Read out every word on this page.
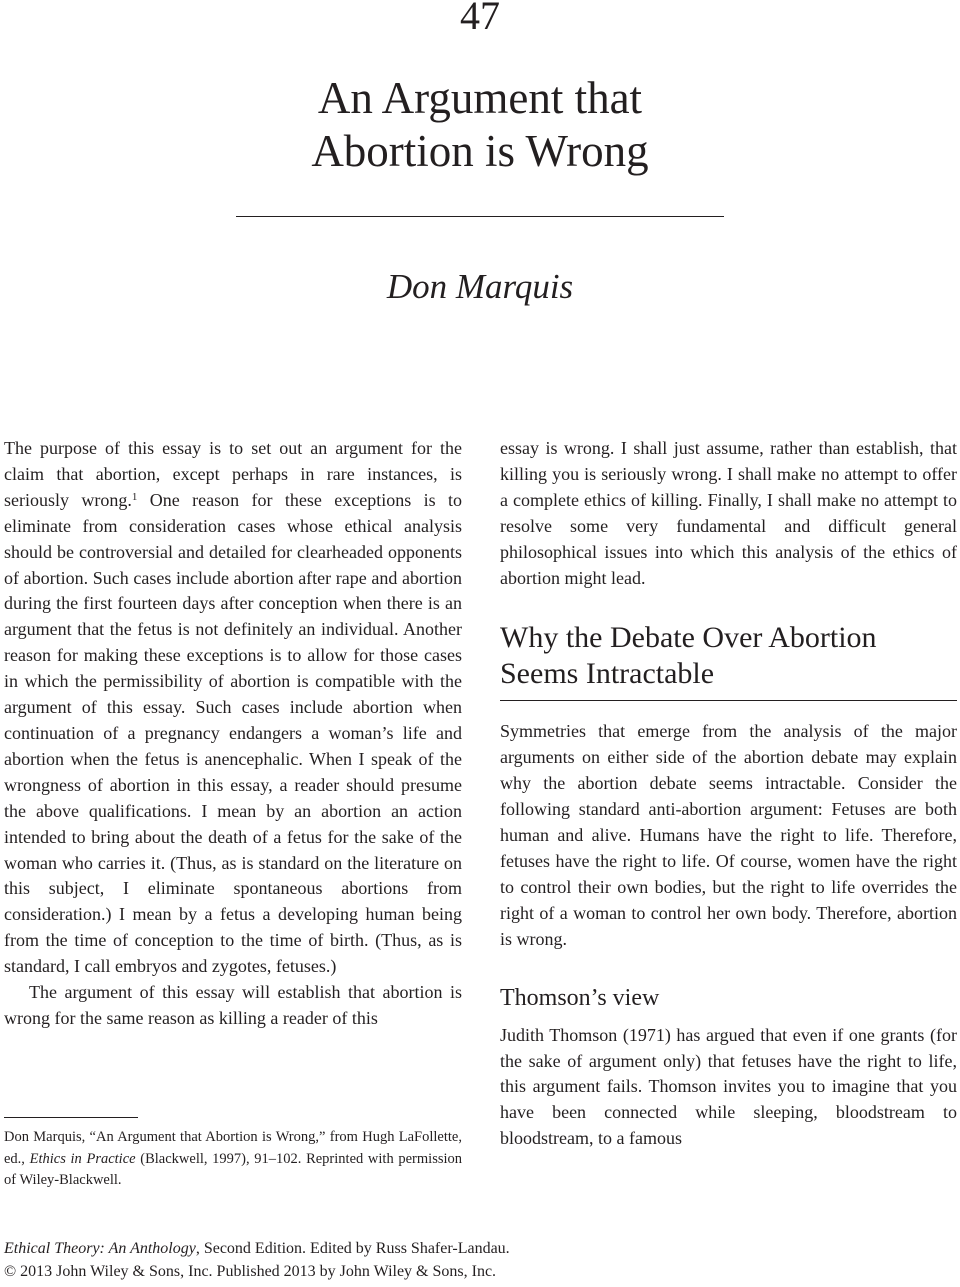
47
An Argument that
Abortion is Wrong
Don Marquis

The purpose of this essay is to set out an argument for the claim that abortion, except perhaps in rare instances, is seriously wrong.$^1$ One reason for these exceptions is to eliminate from consideration cases whose ethical analysis should be controversial and detailed for clearheaded opponents of abortion. Such cases include abortion after rape and abortion during the first fourteen days after conception when there is an argument that the fetus is not definitely an individual. Another reason for making these exceptions is to allow for those cases in which the permissibility of abortion is compatible with the argument of this essay. Such cases include abortion when continuation of a pregnancy endangers a woman’s life and abortion when the fetus is anencephalic. When I speak of the wrongness of abortion in this essay, a reader should presume the above qualifications. I mean by an abortion an action intended to bring about the death of a fetus for the sake of the woman who carries it. (Thus, as is standard on the literature on this subject, I eliminate spontaneous abortions from consideration.) I mean by a fetus a developing human being from the time of conception to the time of birth. (Thus, as is standard, I call embryos and zygotes, fetuses.)

The argument of this essay will establish that abortion is wrong for the same reason as killing a reader of this

Don Marquis, “An Argument that Abortion is Wrong,” from Hugh LaFollette, ed., Ethics in Practice (Blackwell, 1997), 91–102. Reprinted with permission of Wiley-Blackwell.

essay is wrong. I shall just assume, rather than establish, that killing you is seriously wrong. I shall make no attempt to offer a complete ethics of killing. Finally, I shall make no attempt to resolve some very fundamental and difficult general philosophical issues into which this analysis of the ethics of abortion might lead.

Why the Debate Over Abortion Seems Intractable

Symmetries that emerge from the analysis of the major arguments on either side of the abortion debate may explain why the abortion debate seems intractable. Consider the following standard anti-abortion argument: Fetuses are both human and alive. Humans have the right to life. Therefore, fetuses have the right to life. Of course, women have the right to control their own bodies, but the right to life overrides the right of a woman to control her own body. Therefore, abortion is wrong.

Thomson’s view

Judith Thomson (1971) has argued that even if one grants (for the sake of argument only) that fetuses have the right to life, this argument fails. Thomson invites you to imagine that you have been connected while sleeping, bloodstream to bloodstream, to a famous

Ethical Theory: An Anthology, Second Edition. Edited by Russ Shafer-Landau.
© 2013 John Wiley & Sons, Inc. Published 2013 by John Wiley & Sons, Inc.
